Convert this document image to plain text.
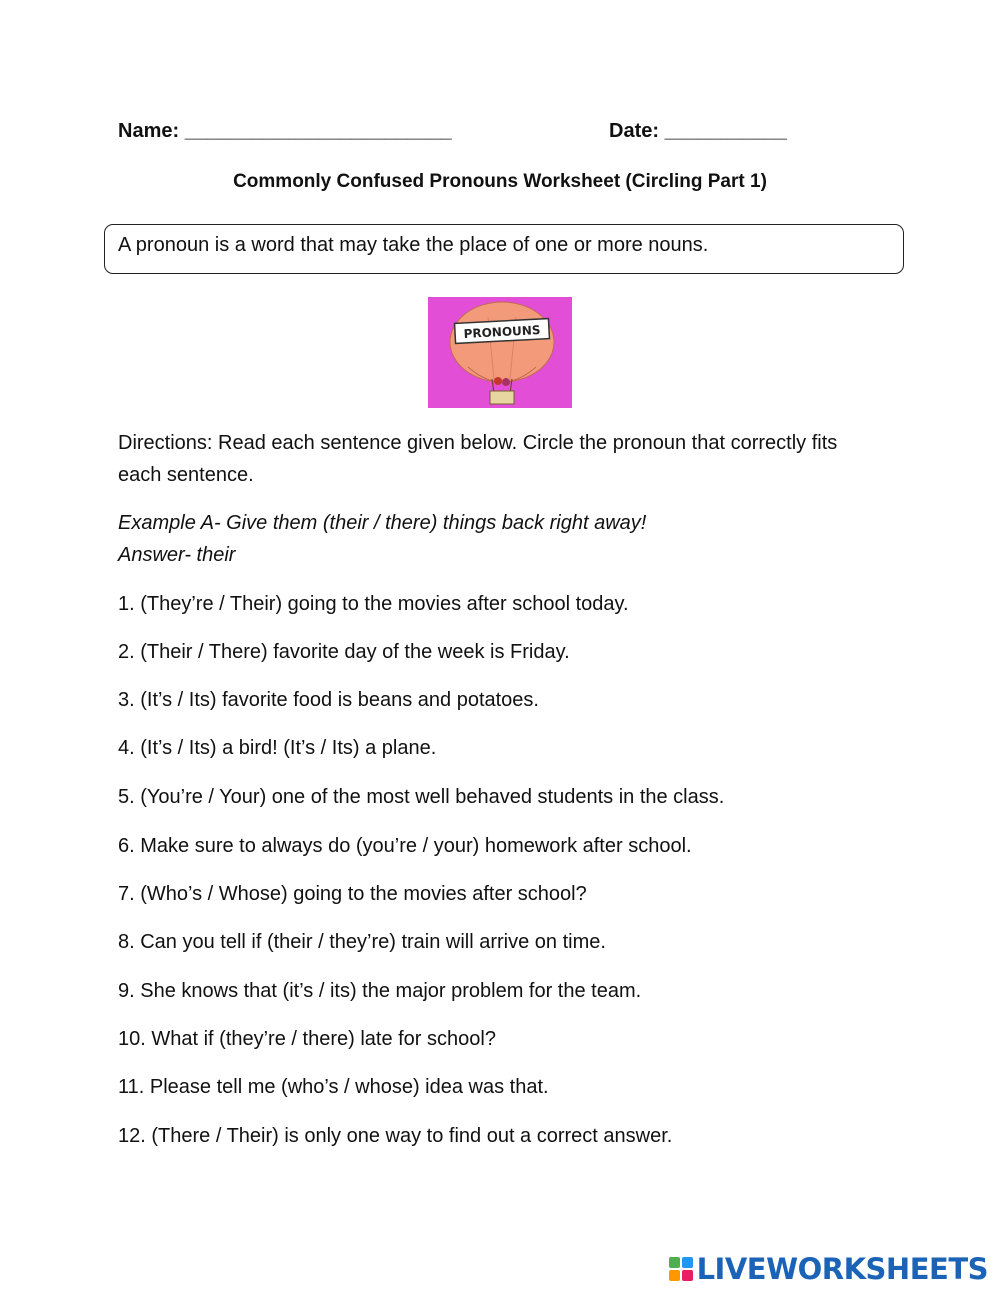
Name: ________________________	Date: ___________
Commonly Confused Pronouns Worksheet (Circling Part 1)
A pronoun is a word that may take the place of one or more nouns.
PRONOUNS
Directions: Read each sentence given below. Circle the pronoun that correctly fits
each sentence.
Example A- Give them (their / there) things back right away!
Answer- their
1. (They’re / Their) going to the movies after school today.
2. (Their / There) favorite day of the week is Friday.
3. (It’s / Its) favorite food is beans and potatoes.
4. (It’s / Its) a bird! (It’s / Its) a plane.
5. (You’re / Your) one of the most well behaved students in the class.
6. Make sure to always do (you’re / your) homework after school.
7. (Who’s / Whose) going to the movies after school?
8. Can you tell if (their / they’re) train will arrive on time.
9. She knows that (it’s / its) the major problem for the team.
10. What if (they’re / there) late for school?
11. Please tell me (who’s / whose) idea was that.
12. (There / Their) is only one way to find out a correct answer.
LIVEWORKSHEETS
